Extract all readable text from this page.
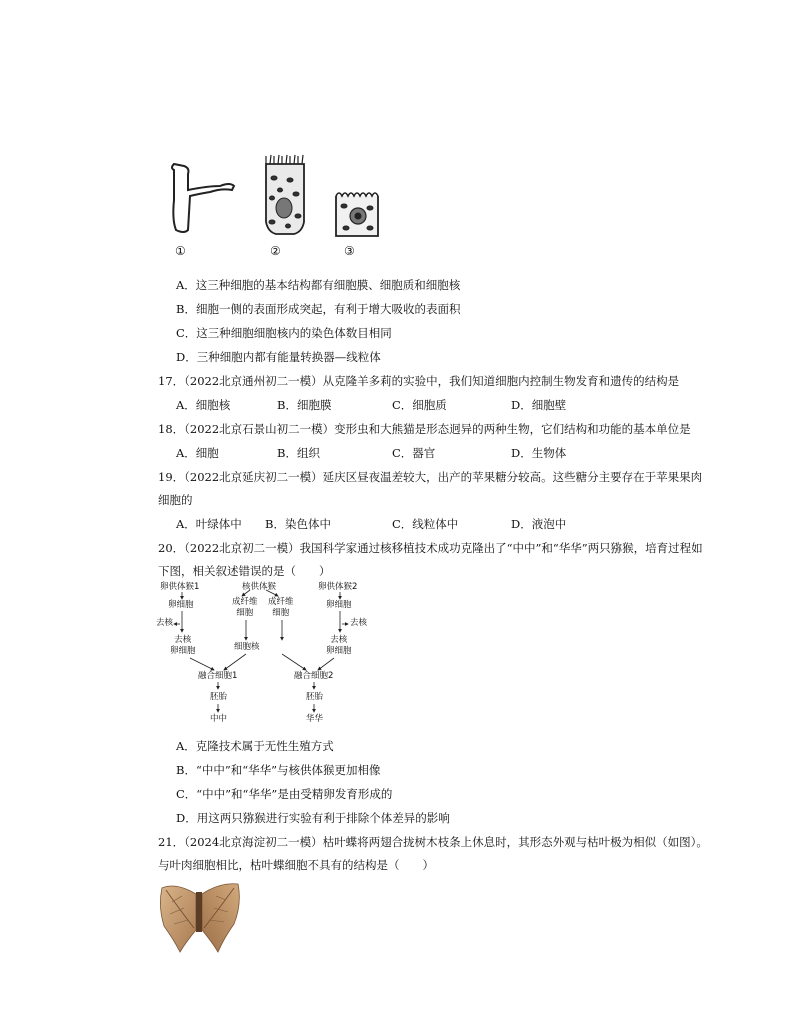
①	②	③
A．这三种细胞的基本结构都有细胞膜、细胞质和细胞核
B．细胞一侧的表面形成突起，有利于增大吸收的表面积
C．这三种细胞细胞核内的染色体数目相同
D．三种细胞内都有能量转换器—线粒体
17．（2022北京通州初二一模）从克隆羊多莉的实验中，我们知道细胞内控制生物发育和遗传的结构是
A．细胞核	B．细胞膜	C．细胞质	D．细胞壁
18．（2022北京石景山初二一模）变形虫和大熊猫是形态迥异的两种生物，它们结构和功能的基本单位是
A．细胞	B．组织	C．器官	D．生物体
19．（2022北京延庆初二一模）延庆区昼夜温差较大，出产的苹果糖分较高。这些糖分主要存在于苹果果肉
细胞的
A．叶绿体中 B．染色体中	C．线粒体中	D．液泡中
20．（2022北京初二一模）我国科学家通过核移植技术成功克隆出了“中中”和“华华”两只猕猴，培育过程如
下图，相关叙述错误的是（　　）
卵供体猴1	核供体猴	卵供体猴2
卵细胞	卵细胞
成纤维
细胞
成纤维
细胞
去核	去核
去核
卵细胞	细胞核
去核
卵细胞
融合细胞1	融合细胞2
胚胎	胚胎
中中	华华
A．克隆技术属于无性生殖方式
B．“中中”和“华华”与核供体猴更加相像
C．“中中”和“华华”是由受精卵发育形成的
D．用这两只猕猴进行实验有利于排除个体差异的影响
21．（2024北京海淀初二一模）枯叶蝶将两翅合拢树木枝条上休息时，其形态外观与枯叶极为相似（如图）。
与叶肉细胞相比，枯叶蝶细胞不具有的结构是（　　）
